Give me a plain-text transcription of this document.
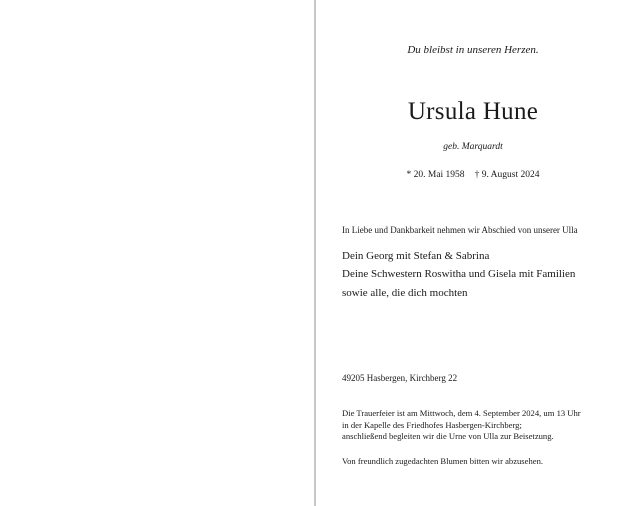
Du bleibst in unseren Herzen.
Ursula Hune
geb. Marquardt
* 20. Mai 1958 † 9. August 2024
In Liebe und Dankbarkeit nehmen wir Abschied von unserer Ulla
Dein Georg mit Stefan & Sabrina
Deine Schwestern Roswitha und Gisela mit Familien
sowie alle, die dich mochten
49205 Hasbergen, Kirchberg 22
Die Trauerfeier ist am Mittwoch, dem 4. September 2024, um 13 Uhr
in der Kapelle des Friedhofes Hasbergen-Kirchberg;
anschließend begleiten wir die Urne von Ulla zur Beisetzung.
Von freundlich zugedachten Blumen bitten wir abzusehen.
